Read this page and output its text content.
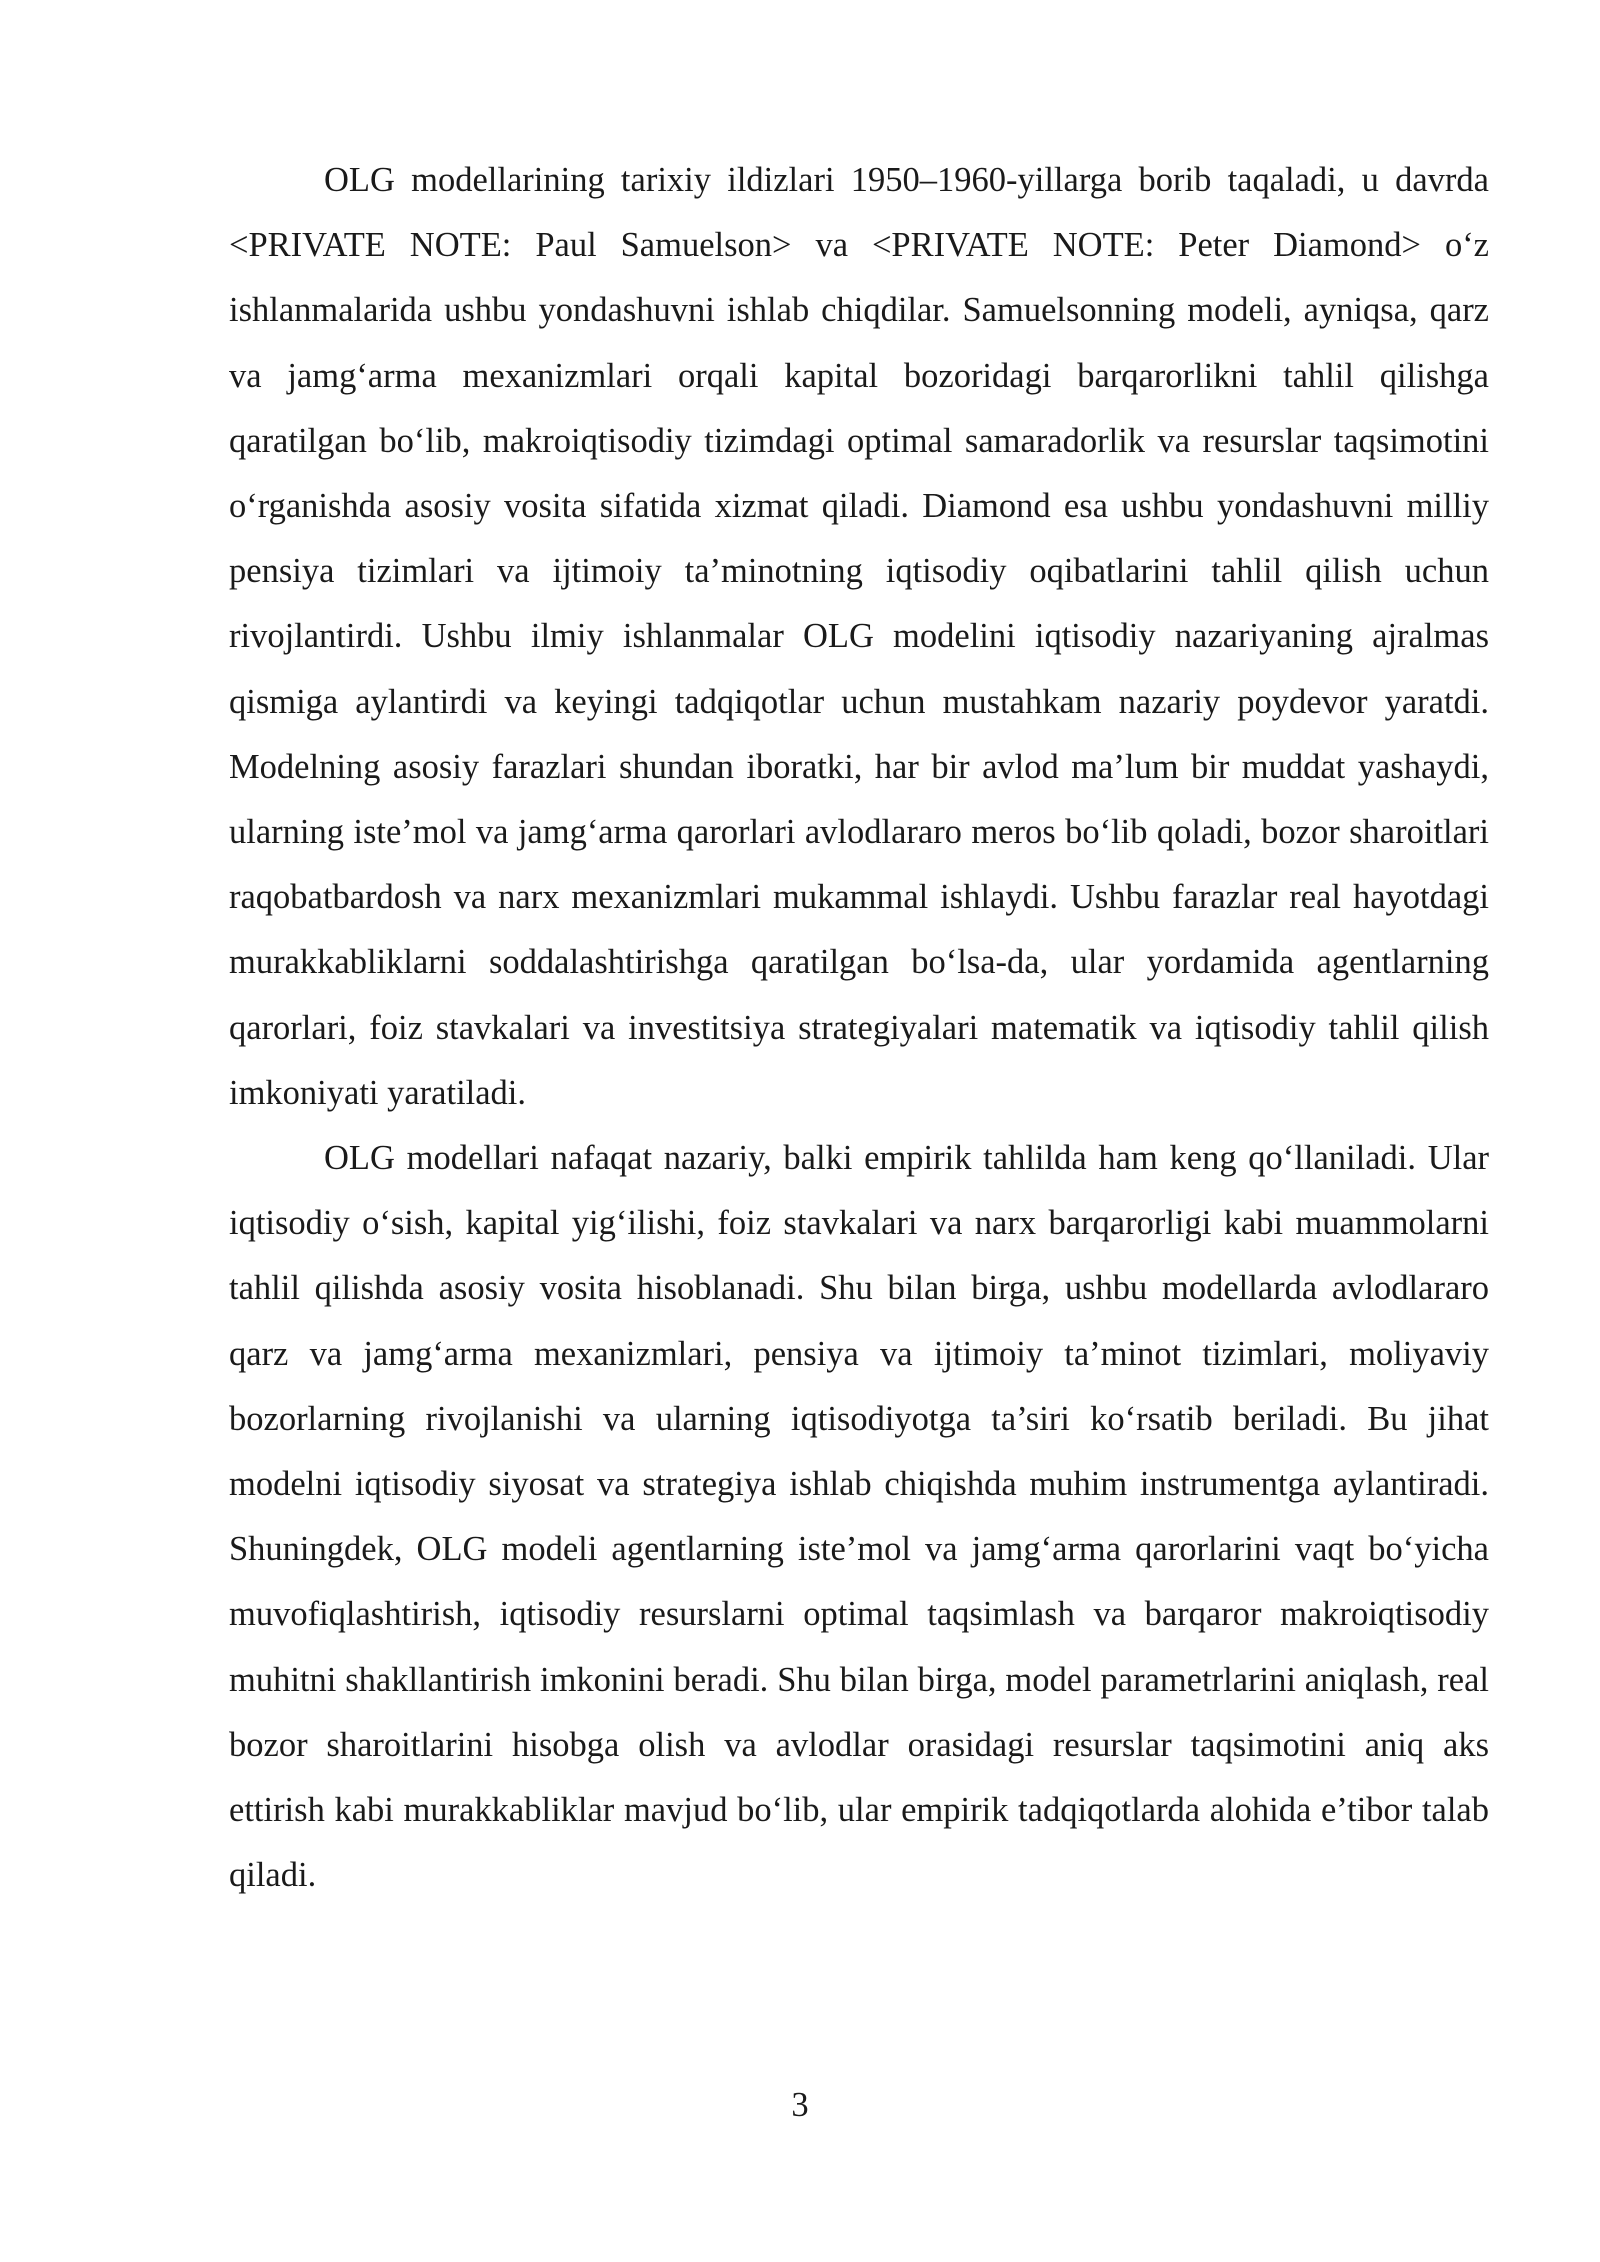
OLG modellarining tarixiy ildizlari 1950–1960-yillarga borib taqaladi, u davrda <PRIVATE NOTE: Paul Samuelson> va <PRIVATE NOTE: Peter Diamond> o‘z ishlanmalarida ushbu yondashuvni ishlab chiqdilar. Samuelsonning modeli, ayniqsa, qarz va jamg‘arma mexanizmlari orqali kapital bozoridagi barqarorlikni tahlil qilishga qaratilgan bo‘lib, makroiqtisodiy tizimdagi optimal samaradorlik va resurslar taqsimotini o‘rganishda asosiy vosita sifatida xizmat qiladi. Diamond esa ushbu yondashuvni milliy pensiya tizimlari va ijtimoiy ta’minotning iqtisodiy oqibatlarini tahlil qilish uchun rivojlantirdi. Ushbu ilmiy ishlanmalar OLG modelini iqtisodiy nazariyaning ajralmas qismiga aylantirdi va keyingi tadqiqotlar uchun mustahkam nazariy poydevor yaratdi. Modelning asosiy farazlari shundan iboratki, har bir avlod ma’lum bir muddat yashaydi, ularning iste’mol va jamg‘arma qarorlari avlodlararo meros bo‘lib qoladi, bozor sharoitlari raqobatbardosh va narx mexanizmlari mukammal ishlaydi. Ushbu farazlar real hayotdagi murakkabliklarni soddalashtirishga qaratilgan bo‘lsa-da, ular yordamida agentlarning qarorlari, foiz stavkalari va investitsiya strategiyalari matematik va iqtisodiy tahlil qilish imkoniyati yaratiladi.

OLG modellari nafaqat nazariy, balki empirik tahlilda ham keng qo‘llaniladi. Ular iqtisodiy o‘sish, kapital yig‘ilishi, foiz stavkalari va narx barqarorligi kabi muammolarni tahlil qilishda asosiy vosita hisoblanadi. Shu bilan birga, ushbu modellarda avlodlararo qarz va jamg‘arma mexanizmlari, pensiya va ijtimoiy ta’minot tizimlari, moliyaviy bozorlarning rivojlanishi va ularning iqtisodiyotga ta’siri ko‘rsatib beriladi. Bu jihat modelni iqtisodiy siyosat va strategiya ishlab chiqishda muhim instrumentga aylantiradi. Shuningdek, OLG modeli agentlarning iste’mol va jamg‘arma qarorlarini vaqt bo‘yicha muvofiqlashtirish, iqtisodiy resurslarni optimal taqsimlash va barqaror makroiqtisodiy muhitni shakllantirish imkonini beradi. Shu bilan birga, model parametrlarini aniqlash, real bozor sharoitlarini hisobga olish va avlodlar orasidagi resurslar taqsimotini aniq aks ettirish kabi murakkabliklar mavjud bo‘lib, ular empirik tadqiqotlarda alohida e’tibor talab qiladi.

3
